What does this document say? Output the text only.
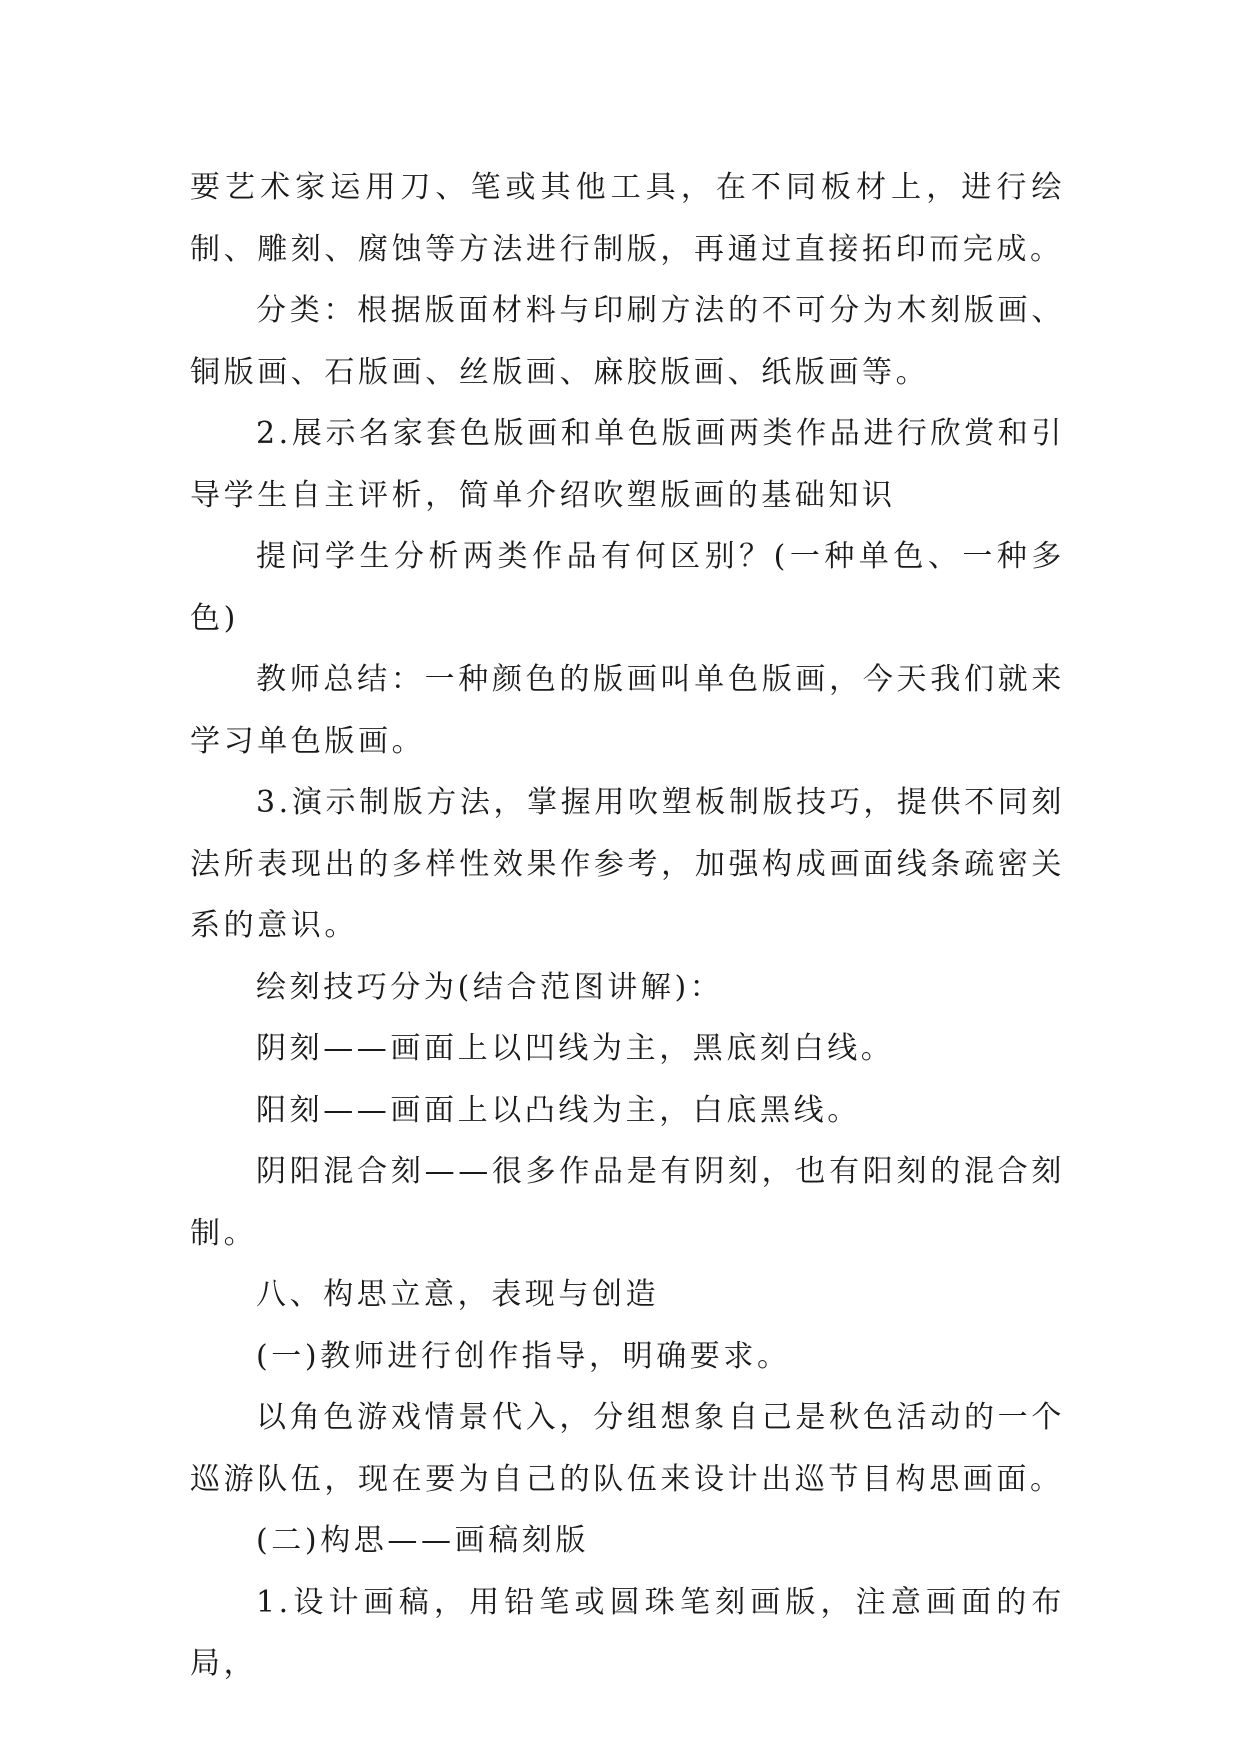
要艺术家运用刀、笔或其他工具，在不同板材上，进行绘制、雕刻、腐蚀等方法进行制版，再通过直接拓印而完成。

分类：根据版面材料与印刷方法的不可分为木刻版画、铜版画、石版画、丝版画、麻胶版画、纸版画等。

2.展示名家套色版画和单色版画两类作品进行欣赏和引导学生自主评析，简单介绍吹塑版画的基础知识

提问学生分析两类作品有何区别？(一种单色、一种多色)

教师总结：一种颜色的版画叫单色版画，今天我们就来学习单色版画。

3.演示制版方法，掌握用吹塑板制版技巧，提供不同刻法所表现出的多样性效果作参考，加强构成画面线条疏密关系的意识。

绘刻技巧分为(结合范图讲解)：

阴刻——画面上以凹线为主，黑底刻白线。

阳刻——画面上以凸线为主，白底黑线。

阴阳混合刻——很多作品是有阴刻，也有阳刻的混合刻制。

八、构思立意，表现与创造

(一)教师进行创作指导，明确要求。

以角色游戏情景代入，分组想象自己是秋色活动的一个巡游队伍，现在要为自己的队伍来设计出巡节目构思画面。

(二)构思——画稿刻版

1.设计画稿，用铅笔或圆珠笔刻画版，注意画面的布局，
